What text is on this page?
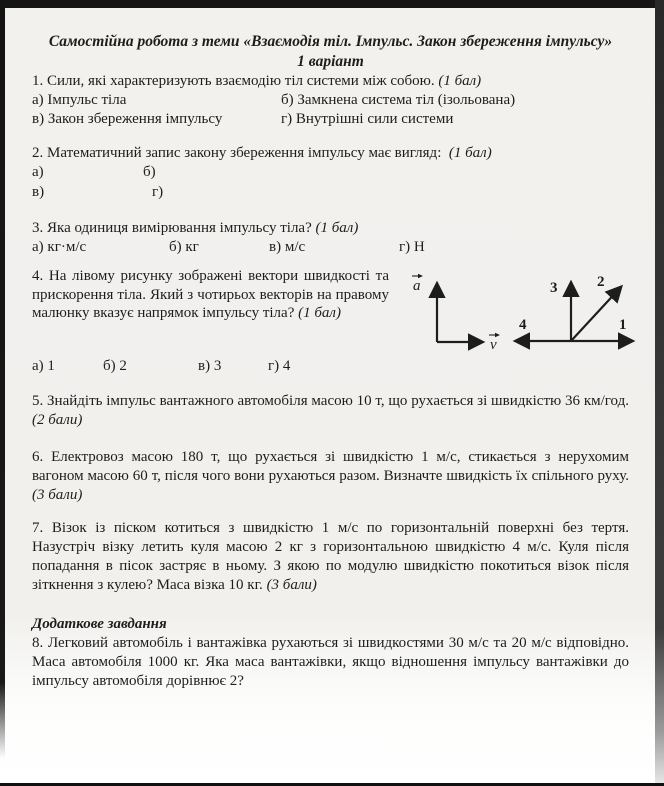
Самостійна робота з теми «Взаємодія тіл. Імпульс. Закон збереження імпульсу»
1 варіант

1. Сили, які характеризують взаємодію тіл системи між собою. (1 бал)

а) Імпульс тіла	б) Замкнена система тіл (ізольована)
в) Закон збереження імпульсу	г) Внутрішні сили системи

2. Математичний запис закону збереження імпульсу має вигляд: (1 бал)

а)	б)
в)	г)

3. Яка одиниця вимірювання імпульсу тіла? (1 бал)

а) кг·м/с	б) кг	в) м/с	г) Н
4. На лівому рисунку зображені вектори швидкості та прискорення тіла. Який з чотирьох векторів на правому малюнку вказує напрямок імпульсу тіла? (1 бал)
a
v
3	2
4	1
а) 1	б) 2	в) 3	г) 4

5. Знайдіть імпульс вантажного автомобіля масою 10 т, що рухається зі швидкістю 36 км/год. (2 бали)

6. Електровоз масою 180 т, що рухається зі швидкістю 1 м/с, стикається з нерухомим вагоном масою 60 т, після чого вони рухаються разом. Визначте швидкість їх спільного руху. (3 бали)

7. Візок із піском котиться з швидкістю 1 м/с по горизонтальній поверхні без тертя. Назустріч візку летить куля масою 2 кг з горизонтальною швидкістю 4 м/с. Куля після попадання в пісок застряє в ньому. З якою по модулю швидкістю покотиться візок після зіткнення з кулею? Маса візка 10 кг. (3 бали)

Додаткове завдання

8. Легковий автомобіль і вантажівка рухаються зі швидкостями 30 м/с та 20 м/с відповідно. Маса автомобіля 1000 кг. Яка маса вантажівки, якщо відношення імпульсу вантажівки до імпульсу автомобіля дорівнює 2?
